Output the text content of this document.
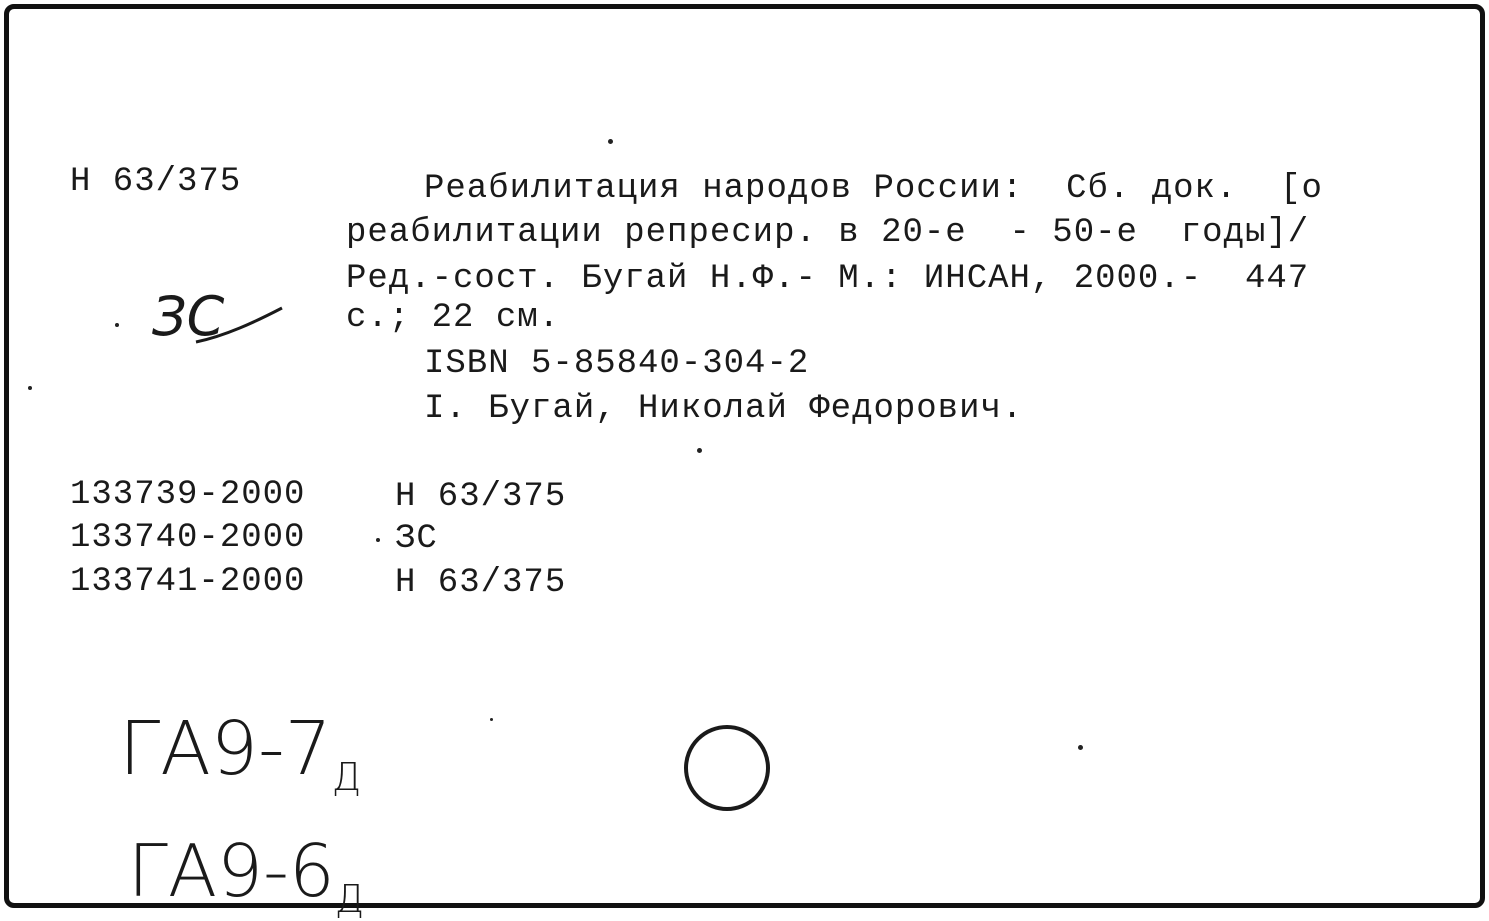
Н 63/375	Реабилитация народов России:  Сб. док.  [о
реабилитации репресир. в 20-е  - 50-е  годы]/
Ред.-сост. Бугай Н.Ф.- М.: ИНСАН, 2000.-  447
с.; 22 см.
ISBN 5-85840-304-2
I. Бугай, Николай Федорович.
ЗС
133739-2000	Н 63/375
133740-2000	ЗС
133741-2000	Н 63/375

$ГА9-7_Д$

$ГА9-6_Д$
